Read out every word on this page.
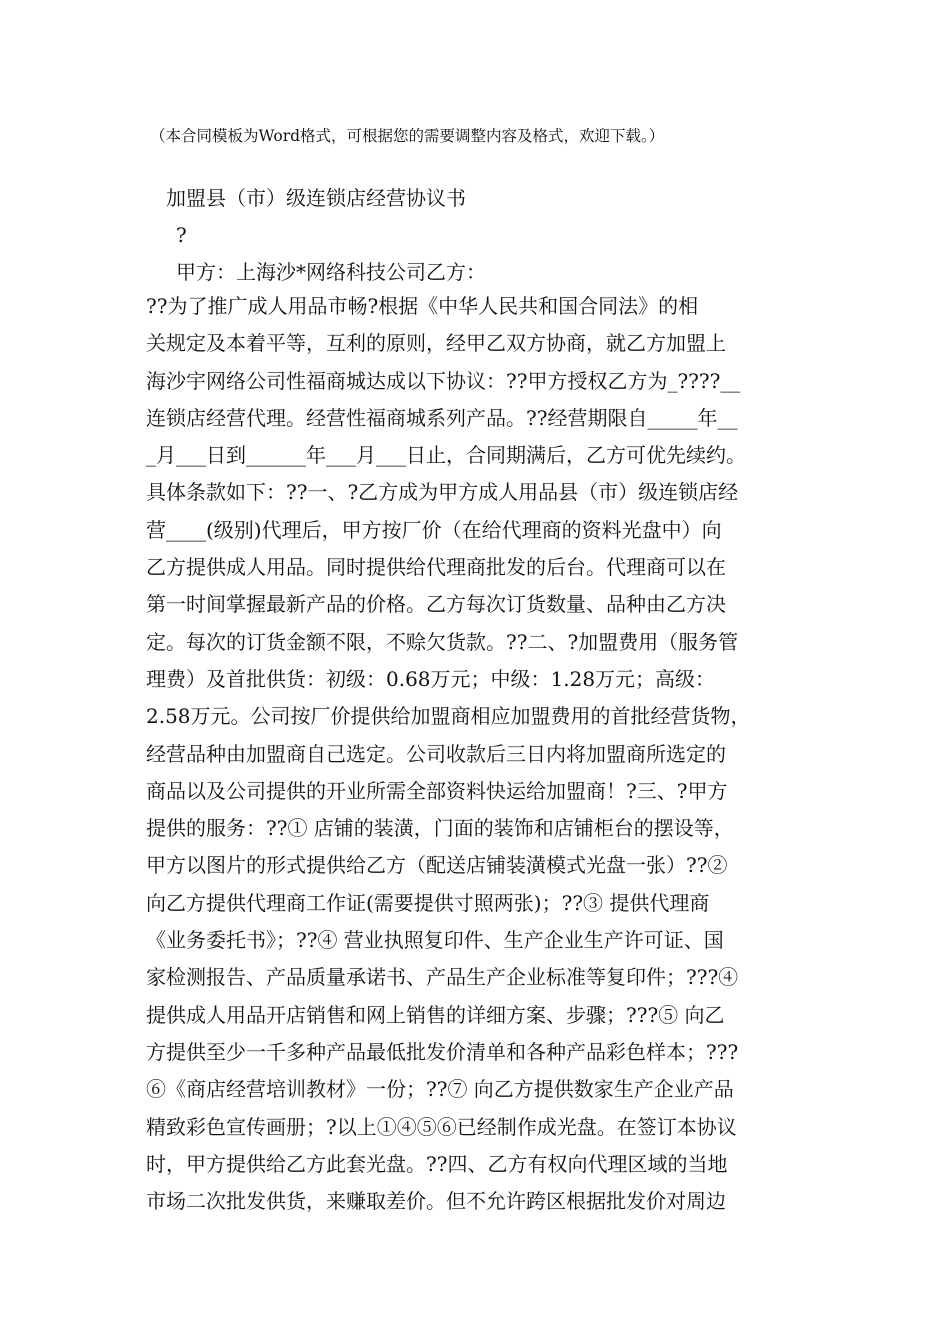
（本合同模板为Word格式，可根据您的需要调整内容及格式，欢迎下载。）
加盟县（市）级连锁店经营协议书
?
甲方：上海沙*网络科技公司乙方：
??为了推广成人用品市畅?根据《中华人民共和国合同法》的相
关规定及本着平等，互利的原则，经甲乙双方协商，就乙方加盟上
海沙宇网络公司性福商城达成以下协议：??甲方授权乙方为_????__
连锁店经营代理。经营性福商城系列产品。??经营期限自_____年__
_月___日到______年___月___日止，合同期满后，乙方可优先续约。
具体条款如下：??一、?乙方成为甲方成人用品县（市）级连锁店经
营____(级别)代理后，甲方按厂价（在给代理商的资料光盘中）向
乙方提供成人用品。同时提供给代理商批发的后台。代理商可以在
第一时间掌握最新产品的价格。乙方每次订货数量、品种由乙方决
定。每次的订货金额不限，不赊欠货款。??二、?加盟费用（服务管
理费）及首批供货：初级：0.68万元；中级：1.28万元；高级：
2.58万元。公司按厂价提供给加盟商相应加盟费用的首批经营货物，
经营品种由加盟商自己选定。公司收款后三日内将加盟商所选定的
商品以及公司提供的开业所需全部资料快运给加盟商！?三、?甲方
提供的服务：??① 店铺的装潢，门面的装饰和店铺柜台的摆设等，
甲方以图片的形式提供给乙方（配送店铺装潢模式光盘一张）??②
向乙方提供代理商工作证(需要提供寸照两张)；??③ 提供代理商
《业务委托书》；??④ 营业执照复印件、生产企业生产许可证、国
家检测报告、产品质量承诺书、产品生产企业标准等复印件；???④
提供成人用品开店销售和网上销售的详细方案、步骤；???⑤ 向乙
方提供至少一千多种产品最低批发价清单和各种产品彩色样本；???
⑥《商店经营培训教材》一份；??⑦ 向乙方提供数家生产企业产品
精致彩色宣传画册；?以上①④⑤⑥已经制作成光盘。在签订本协议
时，甲方提供给乙方此套光盘。??四、乙方有权向代理区域的当地
市场二次批发供货，来赚取差价。但不允许跨区根据批发价对周边
